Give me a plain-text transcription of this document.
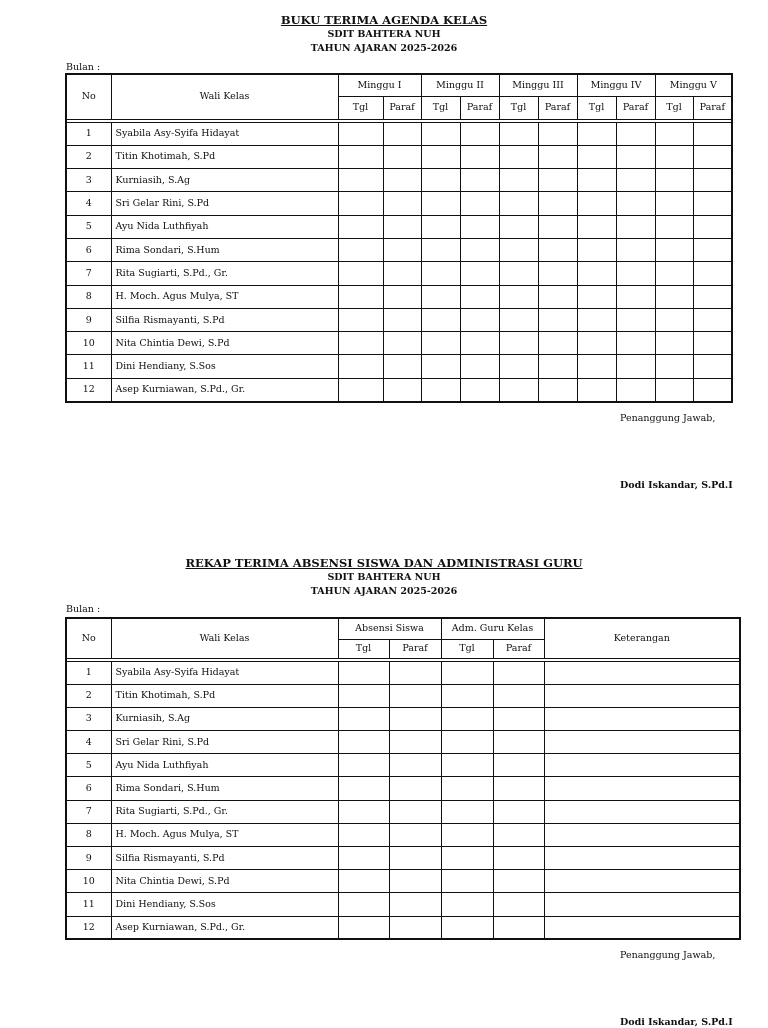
BUKU TERIMA AGENDA KELAS
SDIT BAHTERA NUH
TAHUN AJARAN 2025-2026
Bulan :
No	Wali Kelas	Minggu I		Minggu II		Minggu III		Minggu IV		Minggu V	
		Tgl	Paraf	Tgl	Paraf	Tgl	Paraf	Tgl	Paraf	Tgl	Paraf

1	Syabila Asy-Syifa Hidayat										
2	Titin Khotimah, S.Pd										
3	Kurniasih, S.Ag										
4	Sri Gelar Rini, S.Pd										
5	Ayu Nida Luthfiyah										
6	Rima Sondari, S.Hum										
7	Rita Sugiarti, S.Pd., Gr.										
8	H. Moch. Agus Mulya, ST										
9	Silfia Rismayanti, S.Pd										
10	Nita Chintia Dewi, S.Pd										
11	Dini Hendiany, S.Sos										
12	Asep Kurniawan, S.Pd., Gr.										
Penanggung Jawab,
Dodi Iskandar, S.Pd.I
REKAP TERIMA ABSENSI SISWA DAN ADMINISTRASI GURU
SDIT BAHTERA NUH
TAHUN AJARAN 2025-2026
Bulan :
No	Wali Kelas	Absensi Siswa		Adm. Guru Kelas		Keterangan
		Tgl	Paraf	Tgl	Paraf	

1	Syabila Asy-Syifa Hidayat					
2	Titin Khotimah, S.Pd					
3	Kurniasih, S.Ag					
4	Sri Gelar Rini, S.Pd					
5	Ayu Nida Luthfiyah					
6	Rima Sondari, S.Hum					
7	Rita Sugiarti, S.Pd., Gr.					
8	H. Moch. Agus Mulya, ST					
9	Silfia Rismayanti, S.Pd					
10	Nita Chintia Dewi, S.Pd					
11	Dini Hendiany, S.Sos					
12	Asep Kurniawan, S.Pd., Gr.					
Penanggung Jawab,
Dodi Iskandar, S.Pd.I
